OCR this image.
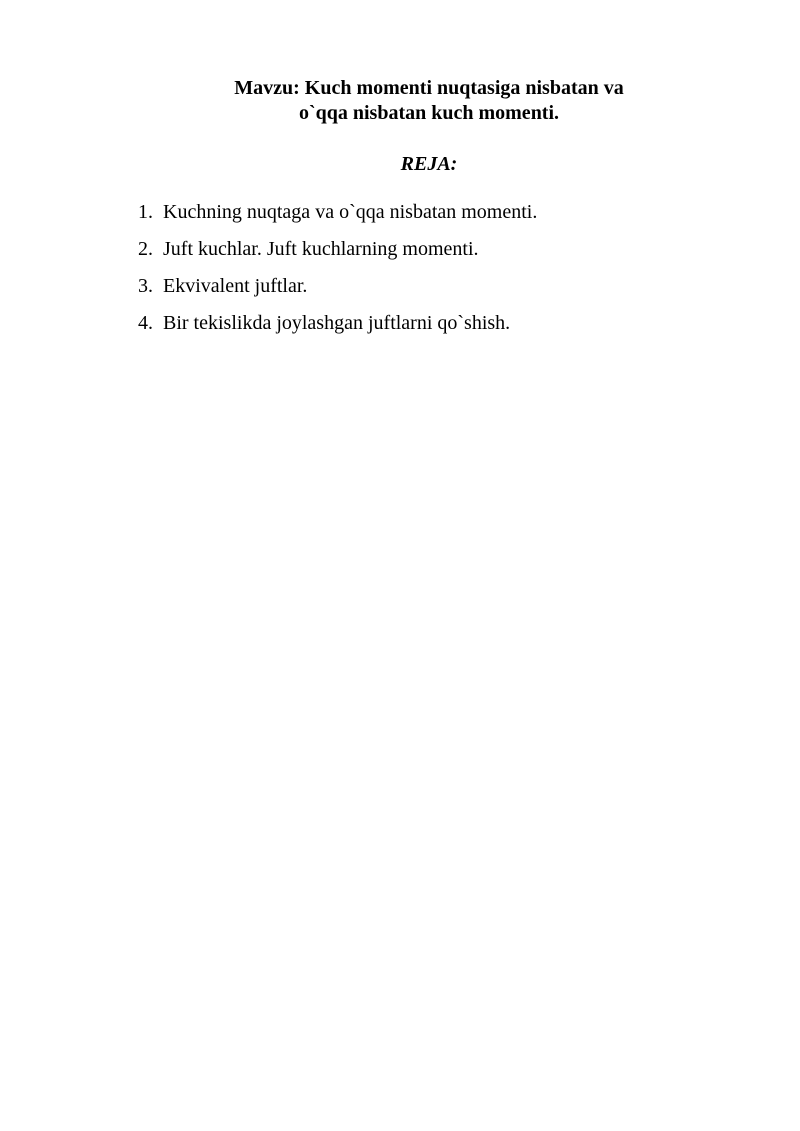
Mavzu: Kuch momenti nuqtasiga nisbatan va
o`qqa nisbatan kuch momenti.
REJA:
1. Kuchning nuqtaga va o`qqa nisbatan momenti.
2. Juft kuchlar. Juft kuchlarning momenti.
3. Ekvivalent juftlar.
4. Bir tekislikda joylashgan juftlarni qo`shish.
